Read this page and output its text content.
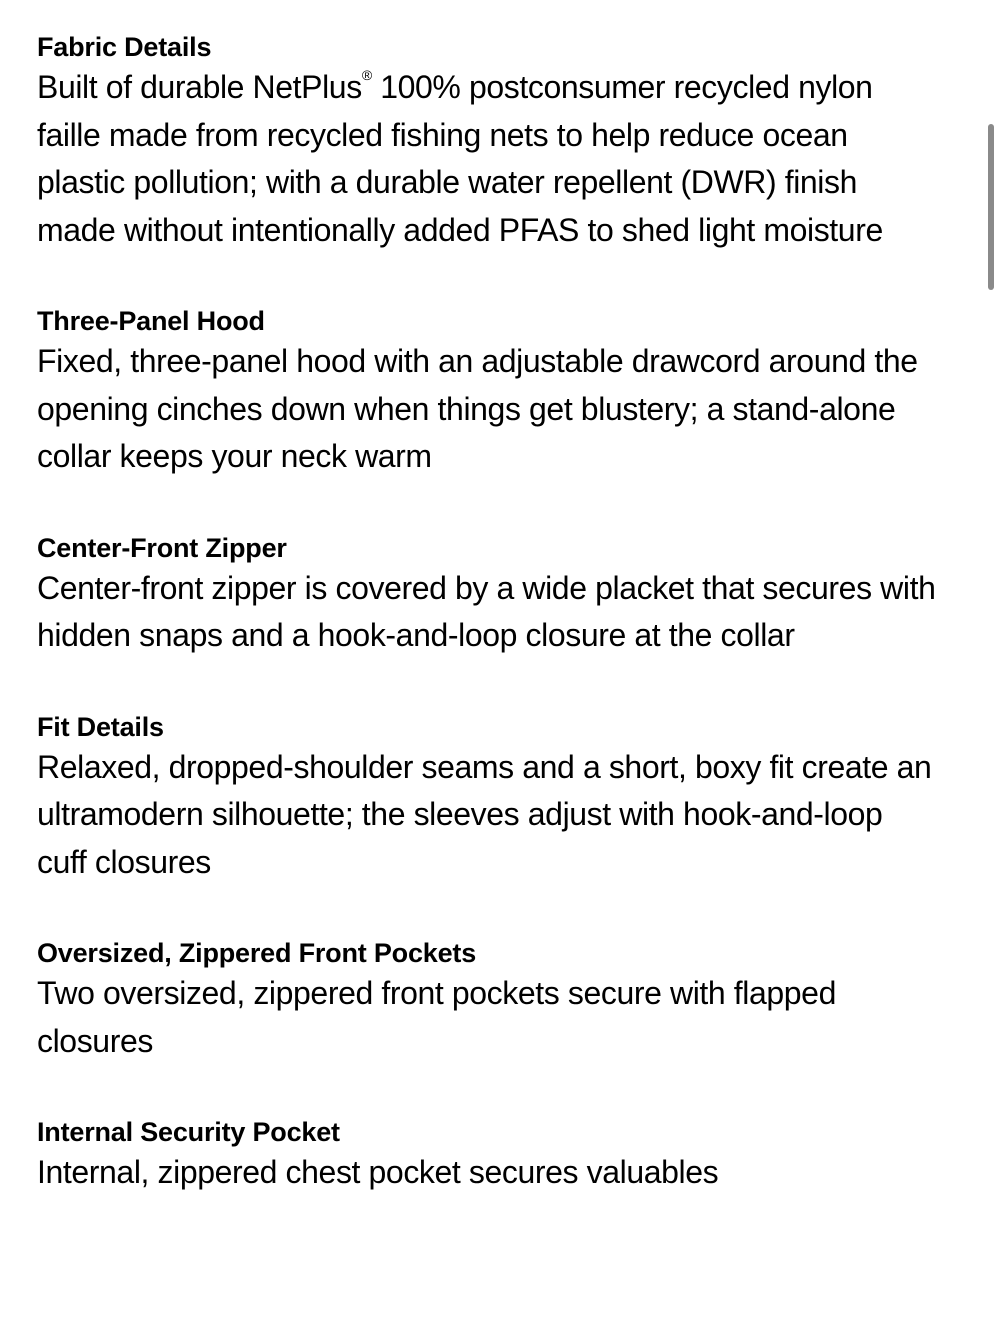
Fabric Details

Built of durable NetPlus® 100% postconsumer recycled nylon faille made from recycled fishing nets to help reduce ocean plastic pollution; with a durable water repellent (DWR) finish made without intentionally added PFAS to shed light moisture

Three-Panel Hood

Fixed, three-panel hood with an adjustable drawcord around the opening cinches down when things get blustery; a stand-alone collar keeps your neck warm

Center-Front Zipper

Center-front zipper is covered by a wide placket that secures with hidden snaps and a hook-and-loop closure at the collar

Fit Details

Relaxed, dropped-shoulder seams and a short, boxy fit create an ultramodern silhouette; the sleeves adjust with hook-and-loop cuff closures

Oversized, Zippered Front Pockets

Two oversized, zippered front pockets secure with flapped closures

Internal Security Pocket

Internal, zippered chest pocket secures valuables
